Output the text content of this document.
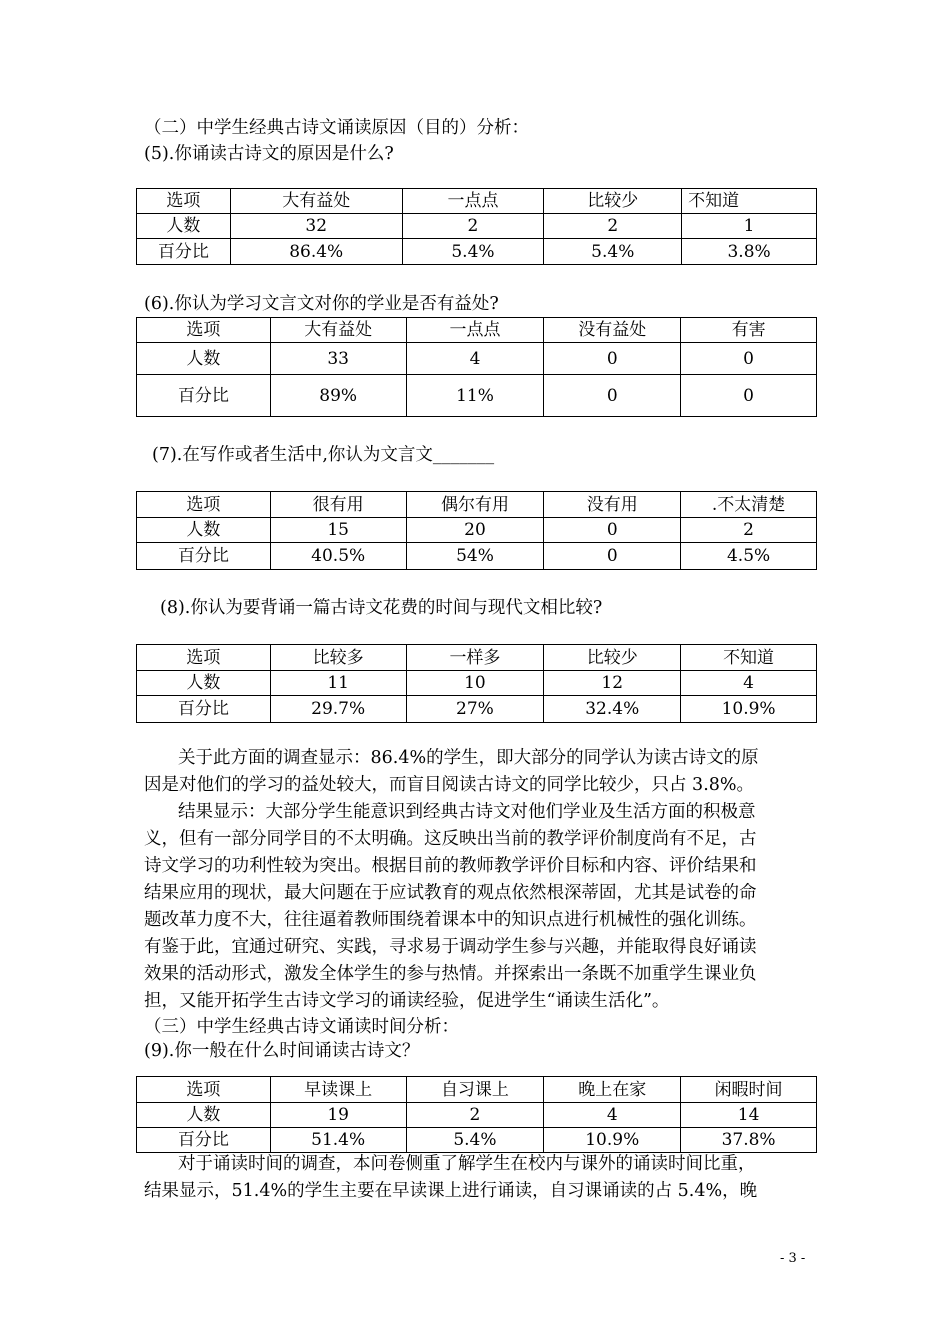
（二）中学生经典古诗文诵读原因（目的）分析：
(5).你诵读古诗文的原因是什么?
选项	大有益处	一点点	比较少	不知道
人数	32	2	2	1
百分比	86.4%	5.4%	5.4%	3.8%
(6).你认为学习文言文对你的学业是否有益处?
选项	大有益处	一点点	没有益处	有害
人数	33	4	0	0
百分比	89%	11%	0	0
(7).在写作或者生活中,你认为文言文_______
选项	很有用	偶尔有用	没有用	.不太清楚
人数	15	20	0	2
百分比	40.5%	54%	0	4.5%
(8).你认为要背诵一篇古诗文花费的时间与现代文相比较?
选项	比较多	一样多	比较少	不知道
人数	11	10	12	4
百分比	29.7%	27%	32.4%	10.9%
关于此方面的调查显示：86.4%的学生，即大部分的同学认为读古诗文的原
因是对他们的学习的益处较大，而盲目阅读古诗文的同学比较少，只占 3.8%。
结果显示：大部分学生能意识到经典古诗文对他们学业及生活方面的积极意
义，但有一部分同学目的不太明确。这反映出当前的教学评价制度尚有不足，古
诗文学习的功利性较为突出。根据目前的教师教学评价目标和内容、评价结果和
结果应用的现状，最大问题在于应试教育的观点依然根深蒂固，尤其是试卷的命
题改革力度不大，往往逼着教师围绕着课本中的知识点进行机械性的强化训练。
有鉴于此，宜通过研究、实践，寻求易于调动学生参与兴趣，并能取得良好诵读
效果的活动形式，激发全体学生的参与热情。并探索出一条既不加重学生课业负
担，又能开拓学生古诗文学习的诵读经验，促进学生“诵读生活化”。
（三）中学生经典古诗文诵读时间分析：
(9).你一般在什么时间诵读古诗文？
选项	早读课上	自习课上	晚上在家	闲暇时间
人数	19	2	4	14
百分比	51.4%	5.4%	10.9%	37.8%
对于诵读时间的调查，本问卷侧重了解学生在校内与课外的诵读时间比重，
结果显示，51.4%的学生主要在早读课上进行诵读，自习课诵读的占 5.4%，晚
- 3 -
